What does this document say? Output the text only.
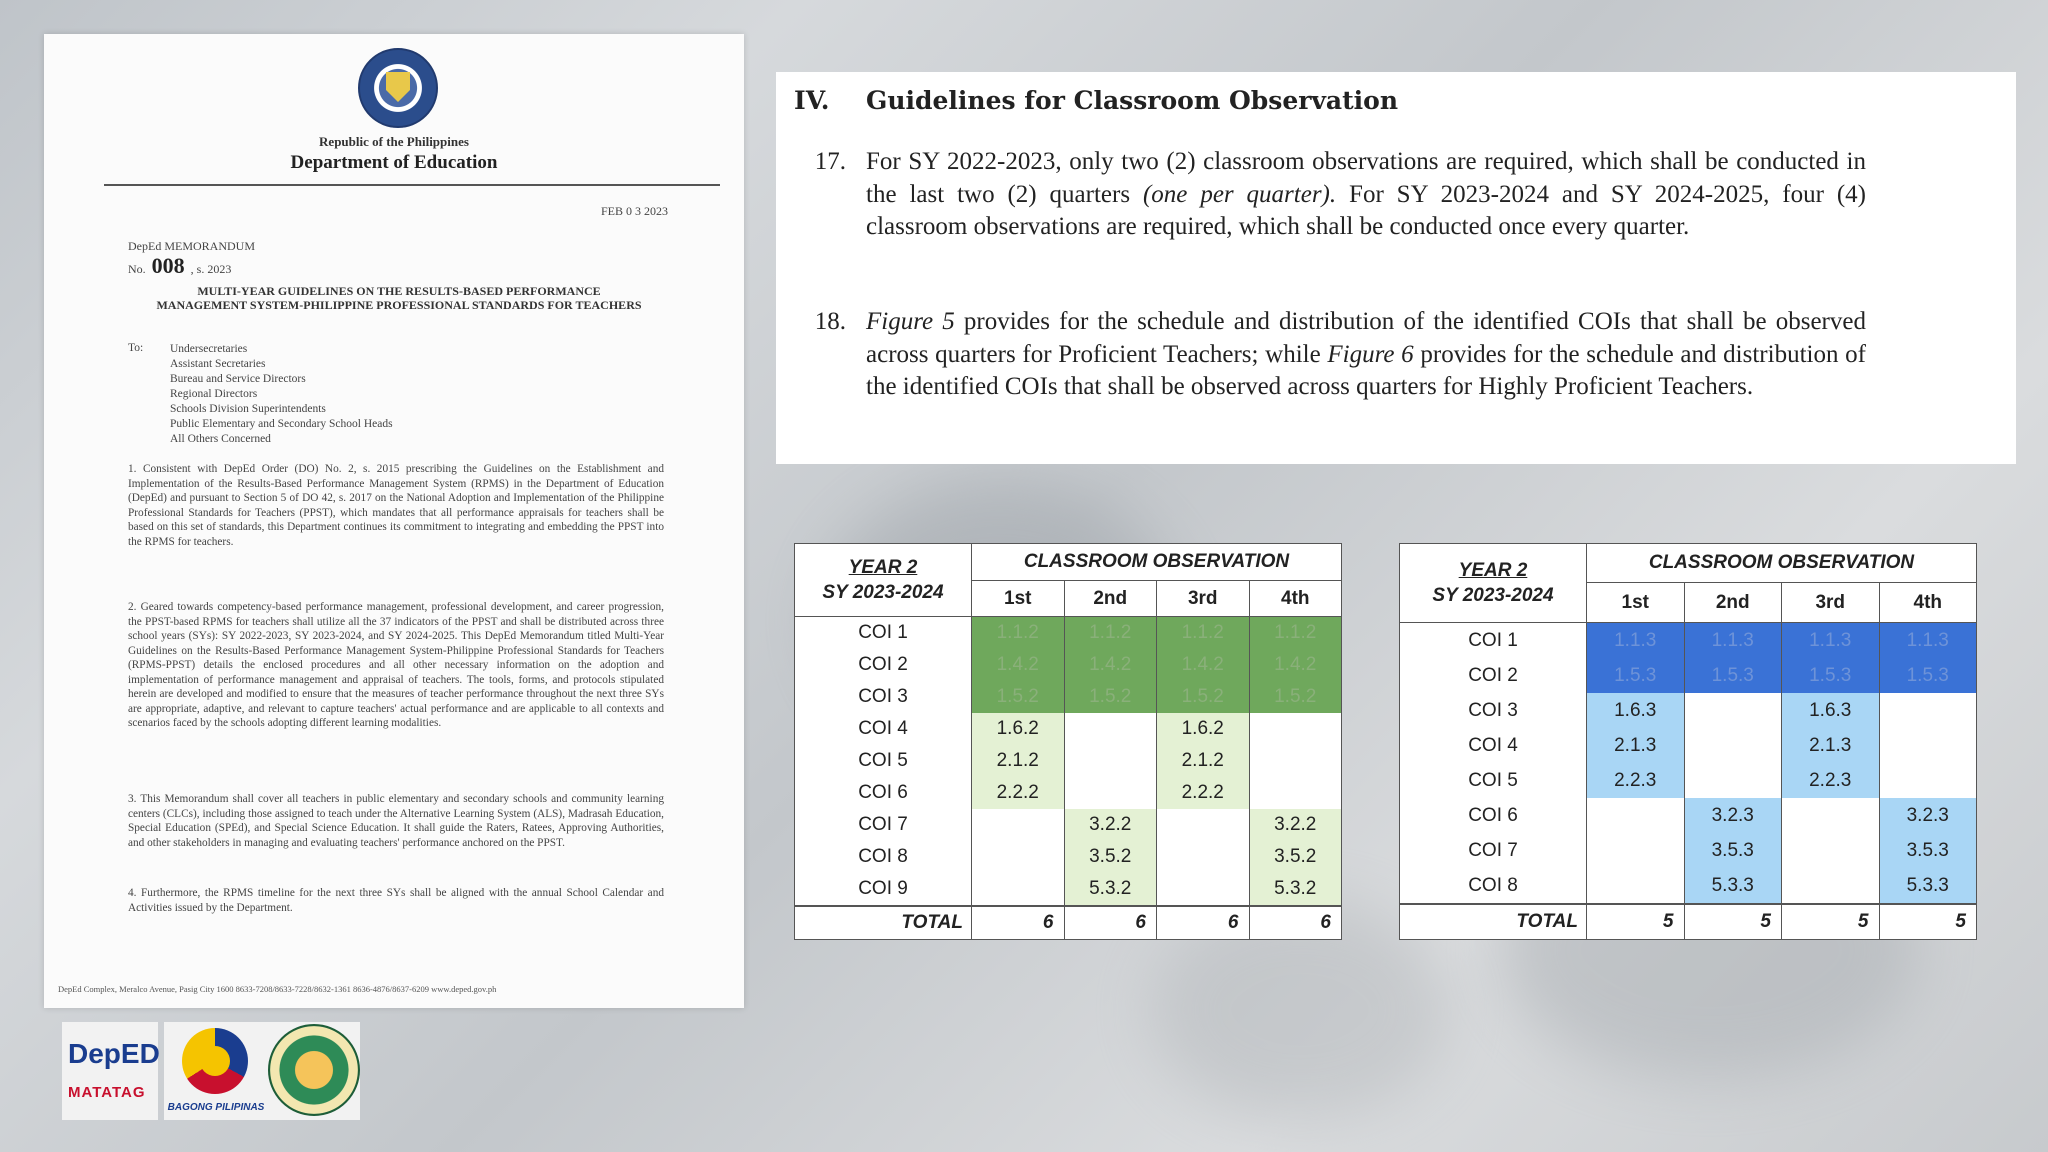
Republic of the Philippines
Department of Education
FEB 0 3 2023
DepEd MEMORANDUM
No. 008 , s. 2023
MULTI-YEAR GUIDELINES ON THE RESULTS-BASED PERFORMANCE MANAGEMENT SYSTEM-PHILIPPINE PROFESSIONAL STANDARDS FOR TEACHERS
To: Undersecretaries
Assistant Secretaries
Bureau and Service Directors
Regional Directors
Schools Division Superintendents
Public Elementary and Secondary School Heads
All Others Concerned
1. Consistent with DepEd Order (DO) No. 2, s. 2015 prescribing the Guidelines on the Establishment and Implementation of the Results-Based Performance Management System (RPMS) in the Department of Education (DepEd) and pursuant to Section 5 of DO 42, s. 2017 on the National Adoption and Implementation of the Philippine Professional Standards for Teachers (PPST), which mandates that all performance appraisals for teachers shall be based on this set of standards, this Department continues its commitment to integrating and embedding the PPST into the RPMS for teachers.
2. Geared towards competency-based performance management, professional development, and career progression, the PPST-based RPMS for teachers shall utilize all the 37 indicators of the PPST and shall be distributed across three school years (SYs): SY 2022-2023, SY 2023-2024, and SY 2024-2025. This DepEd Memorandum titled Multi-Year Guidelines on the Results-Based Performance Management System-Philippine Professional Standards for Teachers (RPMS-PPST) details the enclosed procedures and all other necessary information on the adoption and implementation of performance management and appraisal of teachers. The tools, forms, and protocols stipulated herein are developed and modified to ensure that the measures of teacher performance throughout the next three SYs are appropriate, adaptive, and relevant to capture teachers' actual performance and are applicable to all contexts and scenarios faced by the schools adopting different learning modalities.
3. This Memorandum shall cover all teachers in public elementary and secondary schools and community learning centers (CLCs), including those assigned to teach under the Alternative Learning System (ALS), Madrasah Education, Special Education (SPEd), and Special Science Education. It shall guide the Raters, Ratees, Approving Authorities, and other stakeholders in managing and evaluating teachers' performance anchored on the PPST.
4. Furthermore, the RPMS timeline for the next three SYs shall be aligned with the annual School Calendar and Activities issued by the Department.
DepEd Complex, Meralco Avenue, Pasig City 1600 8633-7208/8633-7228/8632-1361 8636-4876/8637-6209 www.deped.gov.ph
DepED
MATATAG
BAGONG PILIPINAS
IV. Guidelines for Classroom Observation
17. For SY 2022-2023, only two (2) classroom observations are required, which shall be conducted in the last two (2) quarters (one per quarter). For SY 2023-2024 and SY 2024-2025, four (4) classroom observations are required, which shall be conducted once every quarter.
18. Figure 5 provides for the schedule and distribution of the identified COIs that shall be observed across quarters for Proficient Teachers; while Figure 6 provides for the schedule and distribution of the identified COIs that shall be observed across quarters for Highly Proficient Teachers.
YEAR 2
SY 2023-2024	CLASSROOM OBSERVATION			
	1st	2nd	3rd	4th
COI 1	1.1.2	1.1.2	1.1.2	1.1.2
COI 2	1.4.2	1.4.2	1.4.2	1.4.2
COI 3	1.5.2	1.5.2	1.5.2	1.5.2
COI 4	1.6.2		1.6.2	
COI 5	2.1.2		2.1.2	
COI 6	2.2.2		2.2.2	
COI 7		3.2.2		3.2.2
COI 8		3.5.2		3.5.2
COI 9		5.3.2		5.3.2
TOTAL	6	6	6	6
YEAR 2
SY 2023-2024	CLASSROOM OBSERVATION			
	1st	2nd	3rd	4th
COI 1	1.1.3	1.1.3	1.1.3	1.1.3
COI 2	1.5.3	1.5.3	1.5.3	1.5.3
COI 3	1.6.3		1.6.3	
COI 4	2.1.3		2.1.3	
COI 5	2.2.3		2.2.3	
COI 6		3.2.3		3.2.3
COI 7		3.5.3		3.5.3
COI 8		5.3.3		5.3.3
TOTAL	5	5	5	5
